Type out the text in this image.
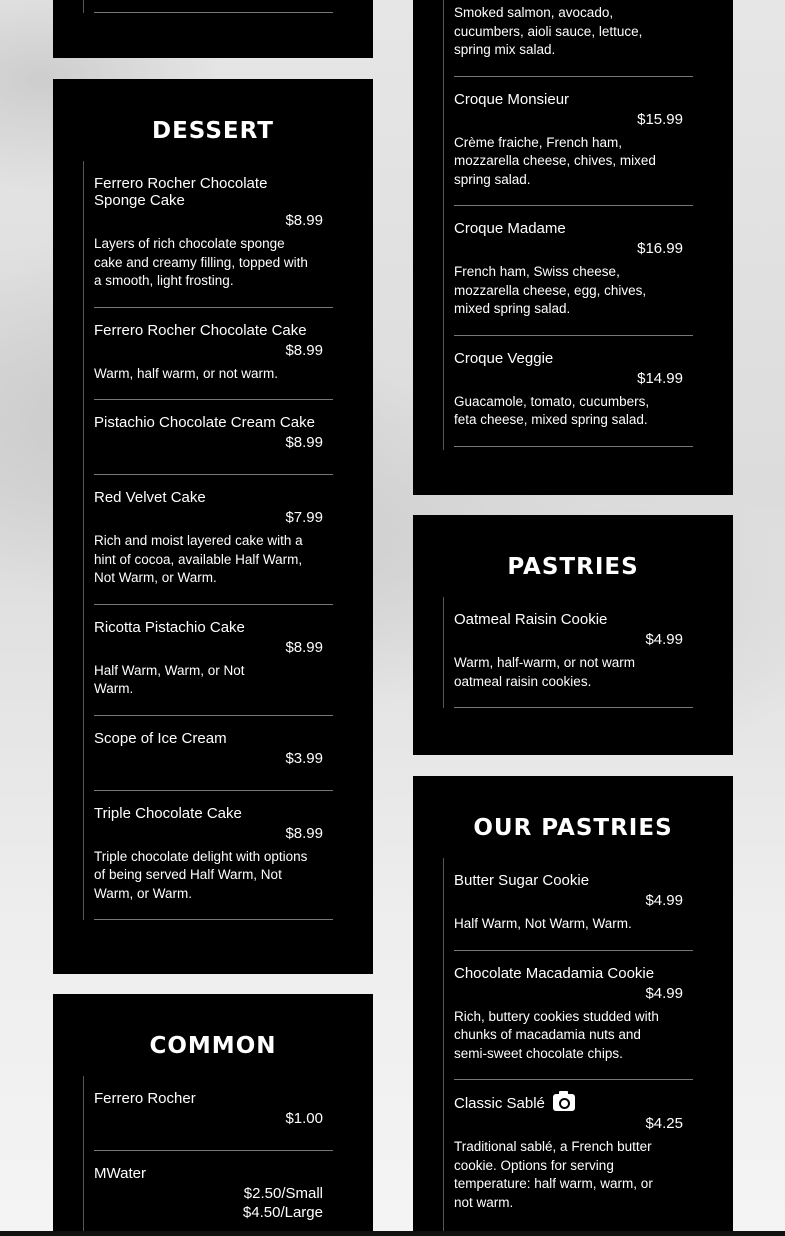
Smoked salmon, avocado, cucumbers, aioli sauce, lettuce, spring mix salad.
Croque Monsieur
$15.99
Crème fraiche, French ham, mozzarella cheese, chives, mixed spring salad.
Croque Madame
$16.99
French ham, Swiss cheese, mozzarella cheese, egg, chives, mixed spring salad.
Croque Veggie
$14.99
Guacamole, tomato, cucumbers, feta cheese, mixed spring salad.
DESSERT
Ferrero Rocher Chocolate Sponge Cake
$8.99
Layers of rich chocolate sponge cake and creamy filling, topped with a smooth, light frosting.
Ferrero Rocher Chocolate Cake
$8.99
Warm, half warm, or not warm.
Pistachio Chocolate Cream Cake
$8.99
Red Velvet Cake
$7.99
Rich and moist layered cake with a hint of cocoa, available Half Warm, Not Warm, or Warm.
Ricotta Pistachio Cake
$8.99
Half Warm, Warm, or Not Warm.
Scope of Ice Cream
$3.99
Triple Chocolate Cake
$8.99
Triple chocolate delight with options of being served Half Warm, Not Warm, or Warm.
COMMON
Ferrero Rocher
$1.00
MWater
$2.50/Small
$4.50/Large
PASTRIES
Oatmeal Raisin Cookie
$4.99
Warm, half-warm, or not warm oatmeal raisin cookies.
OUR PASTRIES
Butter Sugar Cookie
$4.99
Half Warm, Not Warm, Warm.
Chocolate Macadamia Cookie
$4.99
Rich, buttery cookies studded with chunks of macadamia nuts and semi-sweet chocolate chips.
Classic Sablé
$4.25
Traditional sablé, a French butter cookie. Options for serving temperature: half warm, warm, or not warm.
